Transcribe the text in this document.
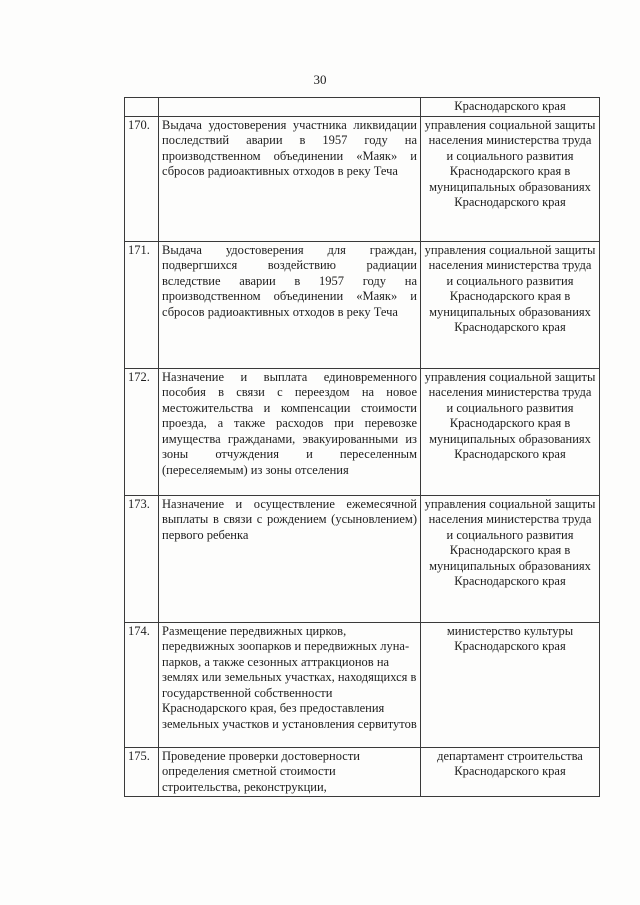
30
		Краснодарского края
170.	Выдача удостоверения участника ликвидации последствий аварии в 1957 году на производственном объединении «Маяк» и сбросов радиоактивных отходов в реку Теча	управления социальной защиты населения министерства труда и социального развития Краснодарского края в муниципальных образованиях Краснодарского края
171.	Выдача удостоверения для граждан, подвергшихся воздействию радиации вследствие аварии в 1957 году на производственном объединении «Маяк» и сбросов радиоактивных отходов в реку Теча	управления социальной защиты населения министерства труда и социального развития Краснодарского края в муниципальных образованиях Краснодарского края
172.	Назначение и выплата единовременного пособия в связи с переездом на новое местожительства и компенсации стоимости проезда, а также расходов при перевозке имущества гражданами, эвакуированными из зоны отчуждения и переселенным (переселяемым) из зоны отселения	управления социальной защиты населения министерства труда и социального развития Краснодарского края в муниципальных образованиях Краснодарского края
173.	Назначение и осуществление ежемесячной выплаты в связи с рождением (усыновлением) первого ребенка	управления социальной защиты населения министерства труда и социального развития Краснодарского края в муниципальных образованиях Краснодарского края
174.	Размещение передвижных цирков, передвижных зоопарков и передвижных луна-парков, а также сезонных аттракционов на землях или земельных участках, находящихся в государственной собственности Краснодарского края, без предоставления земельных участков и установления сервитутов	министерство культуры Краснодарского края
175.	Проведение проверки достоверности определения сметной стоимости строительства, реконструкции,	департамент строительства Краснодарского края
